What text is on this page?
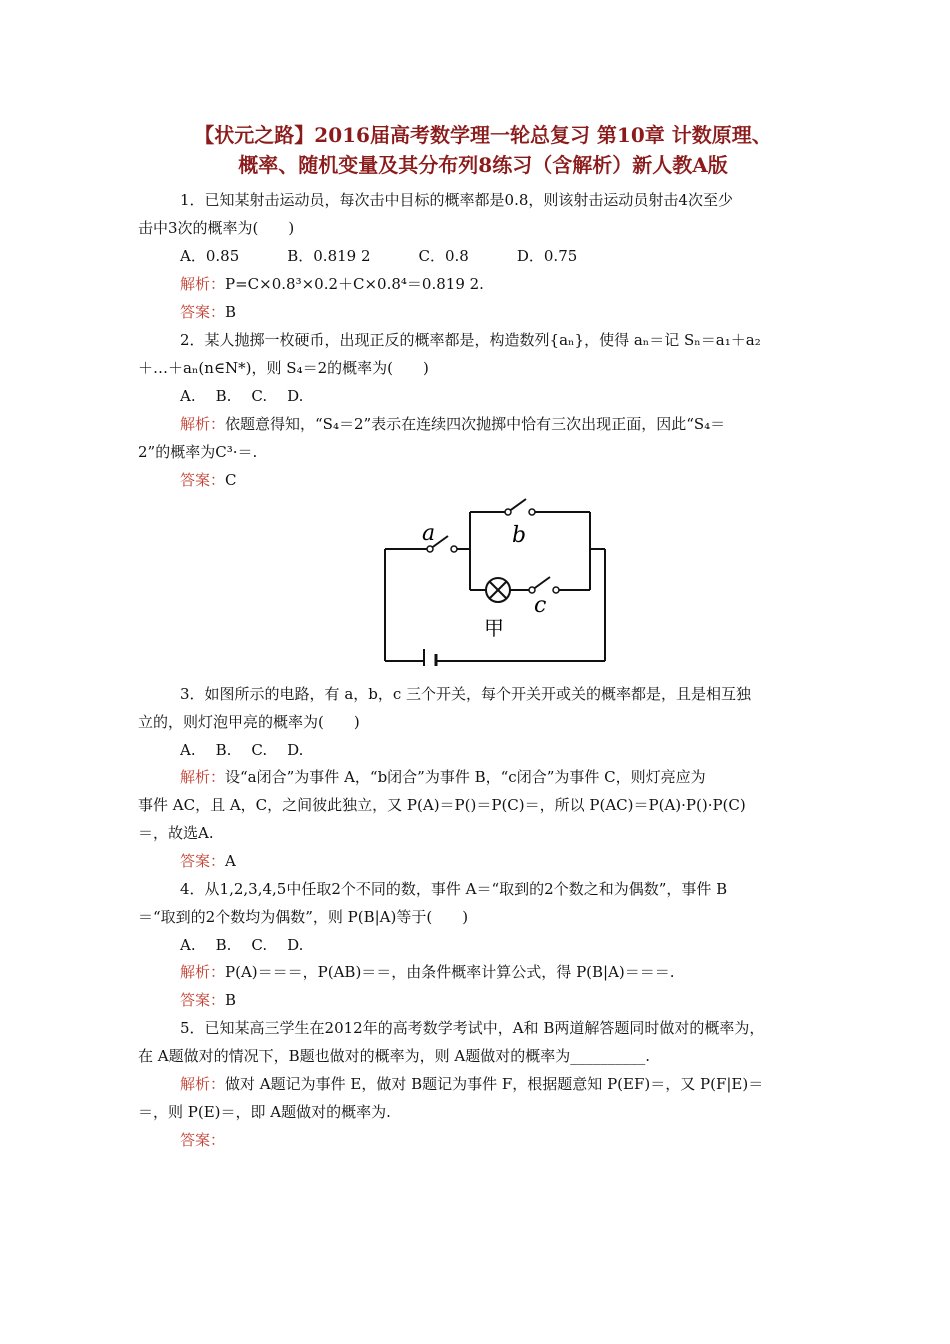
【状元之路】2016届高考数学理一轮总复习 第10章 计数原理、
概率、随机变量及其分布列8练习（含解析）新人教A版
1．已知某射击运动员，每次击中目标的概率都是0.8，则该射击运动员射击4次至少
击中3次的概率为(　　)
A．0.85	B．0.819 2	C．0.8	D．0.75
解析：P=C×0.8³×0.2＋C×0.8⁴＝0.819 2.
答案：B
2．某人抛掷一枚硬币，出现正反的概率都是，构造数列{aₙ}，使得 aₙ＝记 Sₙ＝a₁＋a₂
＋…＋aₙ(n∈N*)，则 S₄＝2的概率为(　　)
A. B. C. D.
解析：依题意得知，“S₄＝2”表示在连续四次抛掷中恰有三次出现正面，因此“S₄＝
2”的概率为C³·＝.
答案：C
a	b
c
甲
3．如图所示的电路，有 a，b，c 三个开关，每个开关开或关的概率都是，且是相互独
立的，则灯泡甲亮的概率为(　　)
A. B. C. D.
解析：设“a闭合”为事件 A，“b闭合”为事件 B，“c闭合”为事件 C，则灯亮应为
事件 AC，且 A，C，之间彼此独立，又 P(A)＝P()＝P(C)＝，所以 P(AC)＝P(A)·P()·P(C)
＝，故选A.
答案：A
4．从1,2,3,4,5中任取2个不同的数，事件 A＝“取到的2个数之和为偶数”，事件 B
＝“取到的2个数均为偶数”，则 P(B|A)等于(　　)
A. B. C. D.
解析：P(A)＝＝＝，P(AB)＝＝，由条件概率计算公式，得 P(B|A)＝＝＝.
答案：B
5．已知某高三学生在2012年的高考数学考试中，A和 B两道解答题同时做对的概率为，
在 A题做对的情况下，B题也做对的概率为，则 A题做对的概率为__________.
解析：做对 A题记为事件 E，做对 B题记为事件 F，根据题意知 P(EF)＝，又 P(F|E)＝
＝，则 P(E)＝，即 A题做对的概率为.
答案：
